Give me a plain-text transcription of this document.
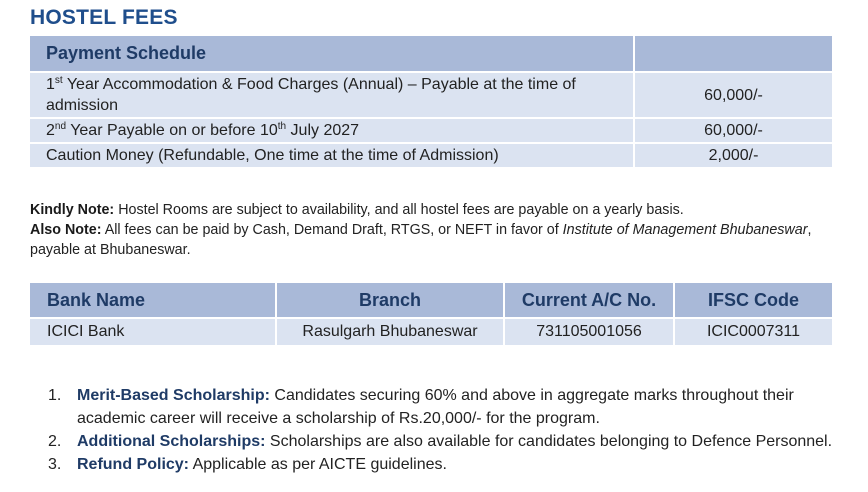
HOSTEL FEES
Payment Schedule	
1st Year Accommodation & Food Charges (Annual) – Payable at the time of admission	60,000/-
2nd Year Payable on or before 10th July 2027	60,000/-
Caution Money (Refundable, One time at the time of Admission)	2,000/-
Kindly Note: Hostel Rooms are subject to availability, and all hostel fees are payable on a yearly basis.
Also Note: All fees can be paid by Cash, Demand Draft, RTGS, or NEFT in favor of Institute of Management Bhubaneswar, payable at Bhubaneswar.
Bank Name	Branch	Current A/C No.	IFSC Code
ICICI Bank	Rasulgarh Bhubaneswar	731105001056	ICIC0007311
1. Merit-Based Scholarship: Candidates securing 60% and above in aggregate marks throughout their academic career will receive a scholarship of Rs.20,000/- for the program.
2. Additional Scholarships: Scholarships are also available for candidates belonging to Defence Personnel.
3. Refund Policy: Applicable as per AICTE guidelines.
